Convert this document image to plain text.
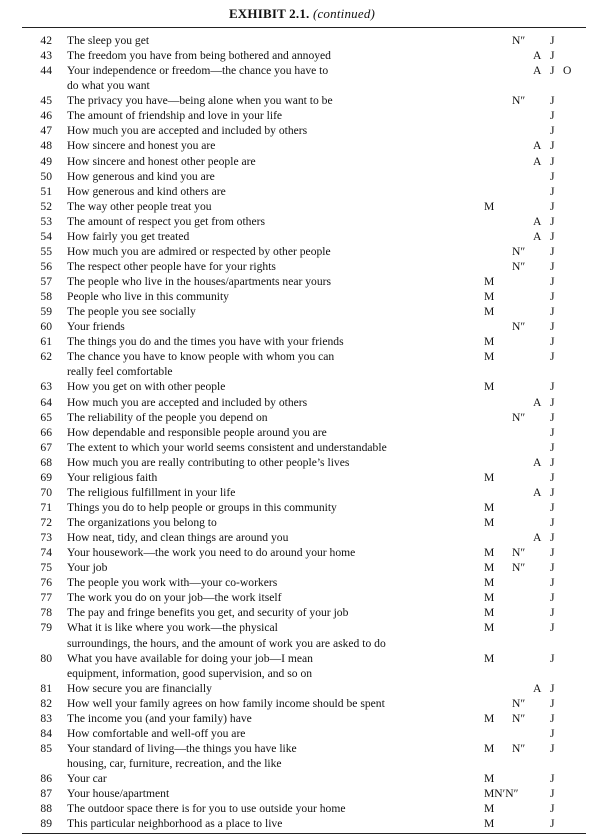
EXHIBIT 2.1. (continued)
42 The sleep you get	N″ J
43 The freedom you have from being bothered and annoyed	A J
44 Your independence or freedom—the chance you have to	A J O
do what you want
45 The privacy you have—being alone when you want to be	N″ J
46 The amount of friendship and love in your life	J
47 How much you are accepted and included by others	J
48 How sincere and honest you are	A J
49 How sincere and honest other people are	A J
50 How generous and kind you are	J
51 How generous and kind others are	J
52 The way other people treat you	M	J
53 The amount of respect you get from others	A J
54 How fairly you get treated	A J
55 How much you are admired or respected by other people	N″ J
56 The respect other people have for your rights	N″ J
57 The people who live in the houses/apartments near yours	M	J
58 People who live in this community	M	J
59 The people you see socially	M	J
60 Your friends	N″ J
61 The things you do and the times you have with your friends	M	J
62 The chance you have to know people with whom you can	M	J
really feel comfortable
63 How you get on with other people	M	J
64 How much you are accepted and included by others	A J
65 The reliability of the people you depend on	N″ J
66 How dependable and responsible people around you are	J
67 The extent to which your world seems consistent and understandable	J
68 How much you are really contributing to other people’s lives	A J
69 Your religious faith	M	J
70 The religious fulfillment in your life	A J
71 Things you do to help people or groups in this community	M	J
72 The organizations you belong to	M	J
73 How neat, tidy, and clean things are around you	A J
74 Your housework—the work you need to do around your home	M N″ J
75 Your job	M N″ J
76 The people you work with—your co-workers	M	J
77 The work you do on your job—the work itself	M	J
78 The pay and fringe benefits you get, and security of your job	M	J
79 What it is like where you work—the physical	M	J
surroundings, the hours, and the amount of work you are asked to do
80 What you have available for doing your job—I mean	M	J
equipment, information, good supervision, and so on
81 How secure you are financially	A J
82 How well your family agrees on how family income should be spent	N″ J
83 The income you (and your family) have	M N″ J
84 How comfortable and well-off you are	J
85 Your standard of living—the things you have like	M N″ J
housing, car, furniture, recreation, and the like
86 Your car	M	J
87 Your house/apartment	MN′N″	J
88 The outdoor space there is for you to use outside your home	M	J
89 This particular neighborhood as a place to live	M	J
